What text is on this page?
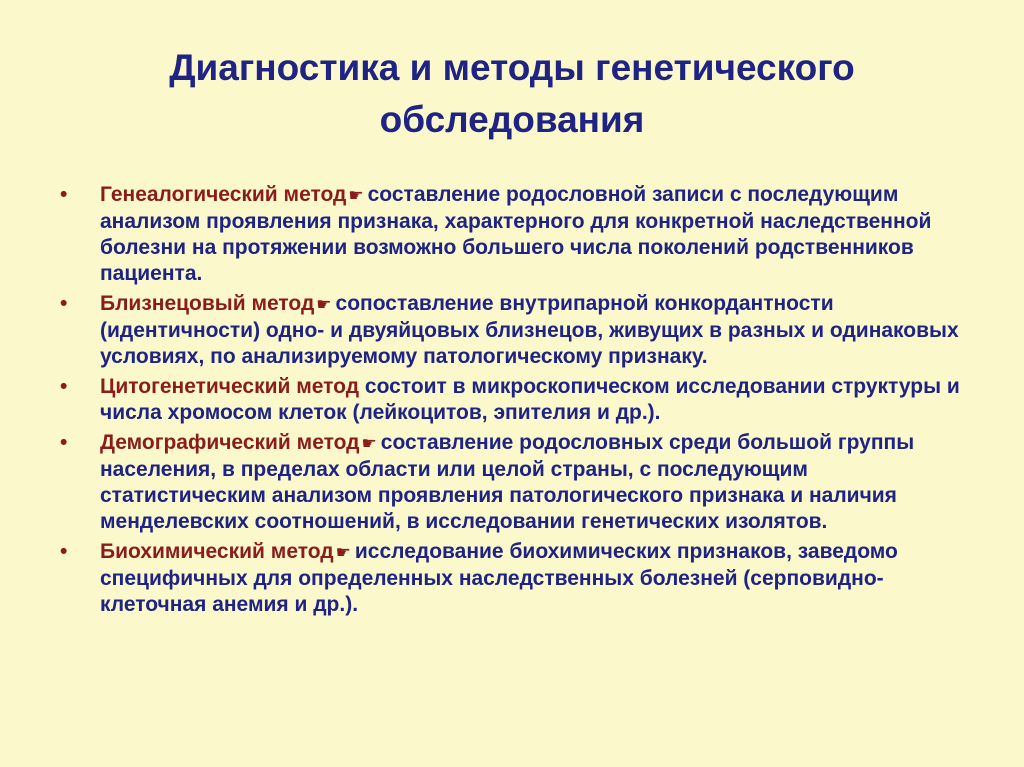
Диагностика и методы генетического
обследования
• Генеалогический метод ☛ составление родословной записи с последующим анализом проявления признака, характерного для конкретной наследственной болезни на протяжении возможно большего числа поколений родственников пациента.
• Близнецовый метод ☛ сопоставление внутрипарной конкордантности (идентичности) одно- и двуяйцовых близнецов, живущих в разных и одинаковых условиях, по анализируемому патологическому признаку.
• Цитогенетический метод состоит в микроскопическом исследовании структуры и числа хромосом клеток (лейкоцитов, эпителия и др.).
• Демографический метод ☛ составление родословных среди большой группы населения, в пределах области или целой страны, с последующим статистическим анализом проявления патологического признака и наличия менделевских соотношений, в исследовании генетических изолятов.
• Биохимический метод ☛ исследование биохимических признаков, заведомо специфичных для определенных наследственных болезней (серповидно-клеточная анемия и др.).
